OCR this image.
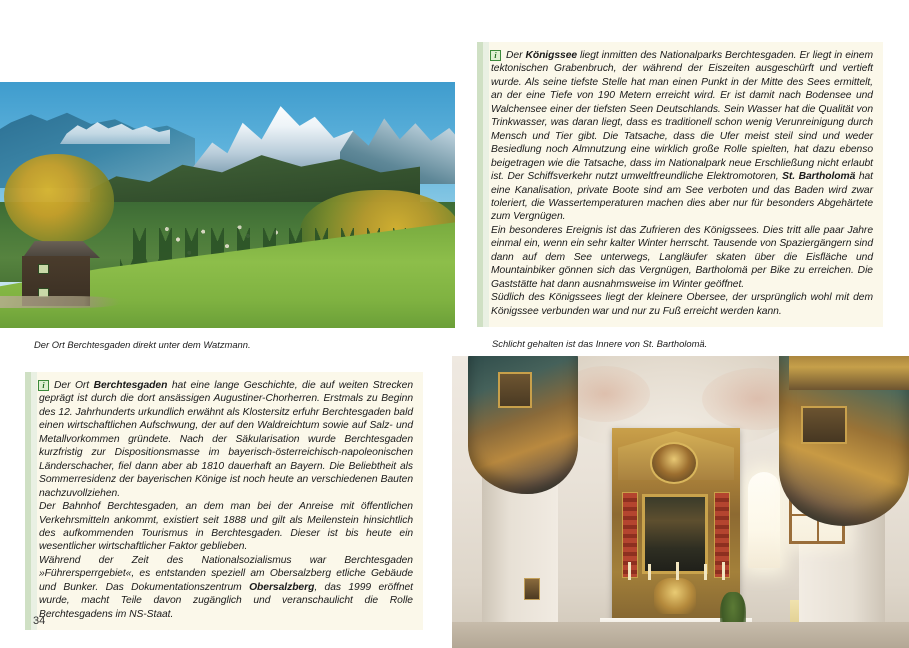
i Der Königssee liegt inmitten des Nationalparks Berchtesgaden. Er liegt in einem tektonischen Grabenbruch, der während der Eiszeiten ausgeschürft und vertieft wurde. Als seine tiefste Stelle hat man einen Punkt in der Mitte des Sees ermittelt, an der eine Tiefe von 190 Metern erreicht wird. Er ist damit nach Bodensee und Walchensee einer der tiefsten Seen Deutschlands. Sein Wasser hat die Qualität von Trinkwasser, was daran liegt, dass es traditionell schon wenig Verunreinigung durch Mensch und Tier gibt. Die Tatsache, dass die Ufer meist steil sind und weder Besiedlung noch Almnutzung eine wirklich große Rolle spielten, hat dazu ebenso beigetragen wie die Tatsache, dass im Nationalpark neue Erschließung nicht erlaubt ist. Der Schiffsverkehr nutzt umweltfreundliche Elektromotoren, St. Bartholomä hat eine Kanalisation, private Boote sind am See verboten und das Baden wird zwar toleriert, die Wassertemperaturen machen dies aber nur für besonders Abgehärtete zum Vergnügen.

Ein besonderes Ereignis ist das Zufrieren des Königssees. Dies tritt alle paar Jahre einmal ein, wenn ein sehr kalter Winter herrscht. Tausende von Spaziergängern sind dann auf dem See unterwegs, Langläufer skaten über die Eisfläche und Mountainbiker gönnen sich das Vergnügen, Bartholomä per Bike zu erreichen. Die Gaststätte hat dann ausnahmsweise im Winter geöffnet.

Südlich des Königssees liegt der kleinere Obersee, der ursprünglich wohl mit dem Königssee verbunden war und nur zu Fuß erreicht werden kann.

Der Ort Berchtesgaden direkt unter dem Watzmann.	Schlicht gehalten ist das Innere von St. Bartholomä.
i Der Ort Berchtesgaden hat eine lange Geschichte, die auf weiten Strecken geprägt ist durch die dort ansässigen Augustiner-Chorherren. Erstmals zu Beginn des 12. Jahrhunderts urkundlich erwähnt als Klostersitz erfuhr Berchtesgaden bald einen wirtschaftlichen Aufschwung, der auf den Waldreichtum sowie auf Salz- und Metallvorkommen gründete. Nach der Säkularisation wurde Berchtesgaden kurzfristig zur Dispositionsmasse im bayerisch-österreichisch-napoleonischen Länderschacher, fiel dann aber ab 1810 dauerhaft an Bayern. Die Beliebtheit als Sommerresidenz der bayerischen Könige ist noch heute an verschiedenen Bauten nachzuvollziehen.

Der Bahnhof Berchtesgaden, an dem man bei der Anreise mit öffentlichen Verkehrsmitteln ankommt, existiert seit 1888 und gilt als Meilenstein hinsichtlich des aufkommenden Tourismus in Berchtesgaden. Dieser ist bis heute ein wesentlicher wirtschaftlicher Faktor geblieben.

Während der Zeit des Nationalsozialismus war Berchtesgaden »Führersperrgebiet«, es entstanden speziell am Obersalzberg etliche Gebäude und Bunker. Das Dokumentationszentrum Obersalzberg, das 1999 eröffnet wurde, macht Teile davon zugänglich und veranschaulicht die Rolle Berchtesgadens im NS-Staat.

34
